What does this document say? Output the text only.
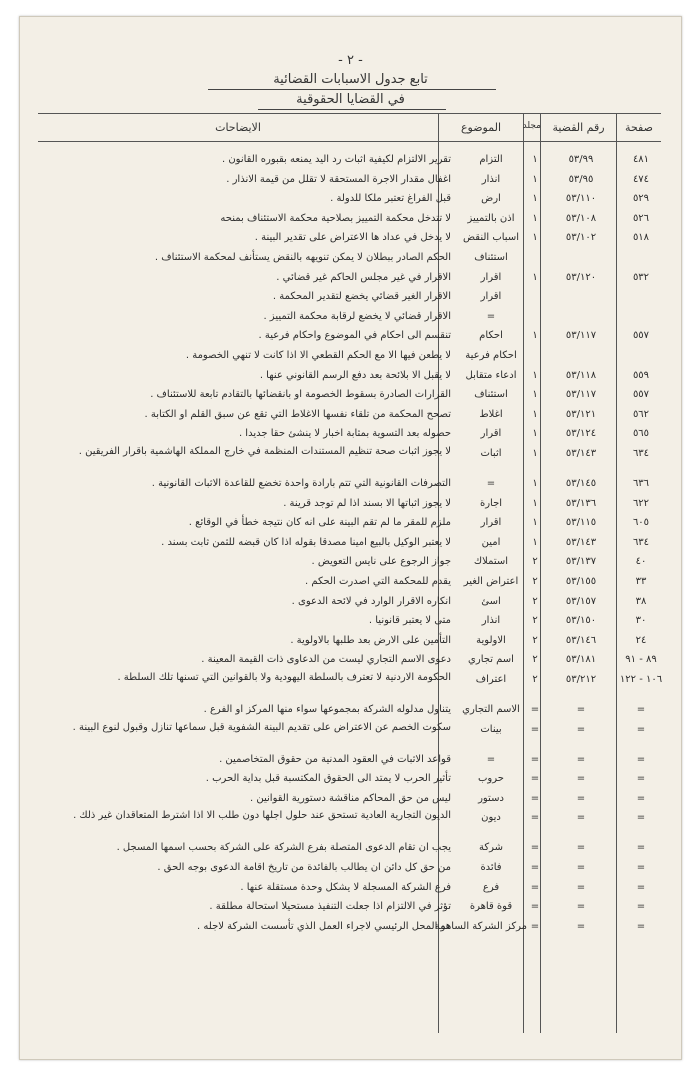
- ٢ -
تابع جدول الاسبابات القضائية
في القضايا الحقوقية
صفحة
رقم القضية
مجلد
الموضوع
الايضاحات
٤٨١
٥٣/٩٩
١
التزام
تقرير الالتزام لكيفية اثبات رد اليد يمنعه بقبوره القانون .
٤٧٤
٥٣/٩٥
١
انذار
اغفال مقدار الاجرة المستحقة لا تقلل من قيمة الانذار .
٥٢٩
٥٣/١١٠
١
ارض
قبل الفراغ تعتبر ملكا للدولة .
٥٢٦
٥٣/١٠٨
١
اذن بالتمييز
لا تتدخل محكمة التمييز بصلاحية محكمة الاستئناف بمنحه
٥١٨
٥٣/١٠٢
١
اسباب النقض
لا يدخل في عداد ها الاعتراض على تقدير البينة .
استئناف
الحكم الصادر ببطلان لا يمكن تنويهه بالنقض يستأنف لمحكمة الاستئناف .
٥٣٢
٥٣/١٢٠
١
اقرار
الاقرار في غير مجلس الحاكم غير قضائي .
اقرار
الاقرار الغير قضائي يخضع لتقدير المحكمة .
=
الاقرار قضائي لا يخضع لرقابة محكمة التمييز .
٥٥٧
٥٣/١١٧
١
احكام
تنقسم الى احكام في الموضوع واحكام فرعية .
احكام فرعية
لا يطعن فيها الا مع الحكم القطعي الا اذا كانت لا تنهي الخصومة .
٥٥٩
٥٣/١١٨
١
ادعاء متقابل
لا يقبل الا بلائحة بعد دفع الرسم القانوني عنها .
٥٥٧
٥٣/١١٧
١
استئناف
القرارات الصادرة بسقوط الخصومة او بانقضائها بالتقادم تابعة للاستئناف .
٥٦٢
٥٣/١٢١
١
اغلاط
تصحح المحكمة من تلقاء نفسها الاغلاط التي تقع عن سبق القلم او الكتابة .
٥٦٥
٥٣/١٢٤
١
اقرار
حصوله بعد التسوية بمثابة اخبار لا ينشئ حقا جديدا .
٦٣٤
٥٣/١٤٣
١
اثبات
لا يجوز اثبات صحة تنظيم المستندات المنظمة في خارج المملكة الهاشمية باقرار الفريقين .
٦٣٦
٥٣/١٤٥
١
=
التصرفات القانونية التي تتم بارادة واحدة تخضع للقاعدة الاثبات القانونية .
٦٢٢
٥٣/١٣٦
١
اجارة
لا يجوز اثباتها الا بسند اذا لم توجد قرينة .
٦٠٥
٥٣/١١٥
١
اقرار
ملزم للمقر ما لم تقم البينة على انه كان نتيجة خطأ في الوقائع .
٦٣٤
٥٣/١٤٣
١
امين
لا يعتبر الوكيل بالبيع امينا مصدقا بقوله اذا كان قبضه للثمن ثابت بسند .
٤٠
٥٣/١٣٧
٢
استملاك
جواز الرجوع على نايس التعويض .
٣٣
٥٣/١٥٥
٢
اعتراض الغير
يقدم للمحكمة التي اصدرت الحكم .
٣٨
٥٣/١٥٧
٢
اسئ
انكاره الاقرار الوارد في لائحة الدعوى .
٣٠
٥٣/١٥٠
٢
انذار
متى لا يعتبر قانونيا .
٢٤
٥٣/١٤٦
٢
الاولوية
التأمين على الارض بعد طلبها بالاولوية .
٨٩ - ٩١
٥٣/١٨١
٢
اسم تجاري
دعوى الاسم التجاري ليست من الدعاوى ذات القيمة المعينة .
١٠٦ - ١٢٢
٥٣/٢١٢
٢
اعتراف
الحكومة الاردنية لا تعترف بالسلطة اليهودية ولا بالقوانين التي تسنها تلك السلطة .
=
=
=
الاسم التجاري
يتناول مدلوله الشركة بمجموعها سواء منها المركز او الفرع .
=
=
=
بينات
سكوت الخصم عن الاعتراض على تقديم البينة الشفوية قبل سماعها تنازل وقبول لنوع البينة .
=
=
=
=
قواعد الاثبات في العقود المدنية من حقوق المتخاصمين .
=
=
=
حروب
تأثير الحرب لا يمتد الى الحقوق المكتسبة قبل بداية الحرب .
=
=
=
دستور
ليس من حق المحاكم مناقشة دستورية القوانين .
=
=
=
ديون
الديون التجارية العادية تستحق عند حلول اجلها دون طلب الا اذا اشترط المتعاقدان غير ذلك .
=
=
=
شركة
يجب ان تقام الدعوى المتصلة بفرع الشركة على الشركة بحسب اسمها المسجل .
=
=
=
فائدة
من حق كل دائن ان يطالب بالفائدة من تاريخ اقامة الدعوى بوجه الحق .
=
=
=
فرع
فرع الشركة المسجلة لا يشكل وحدة مستقلة عنها .
=
=
=
قوة قاهرة
تؤثر في الالتزام اذا جعلت التنفيذ مستحيلا استحالة مطلقة .
=
=
=
مركز الشركة الساهمة
هو المحل الرئيسي لاجراء العمل الذي تأسست الشركة لاجله .
